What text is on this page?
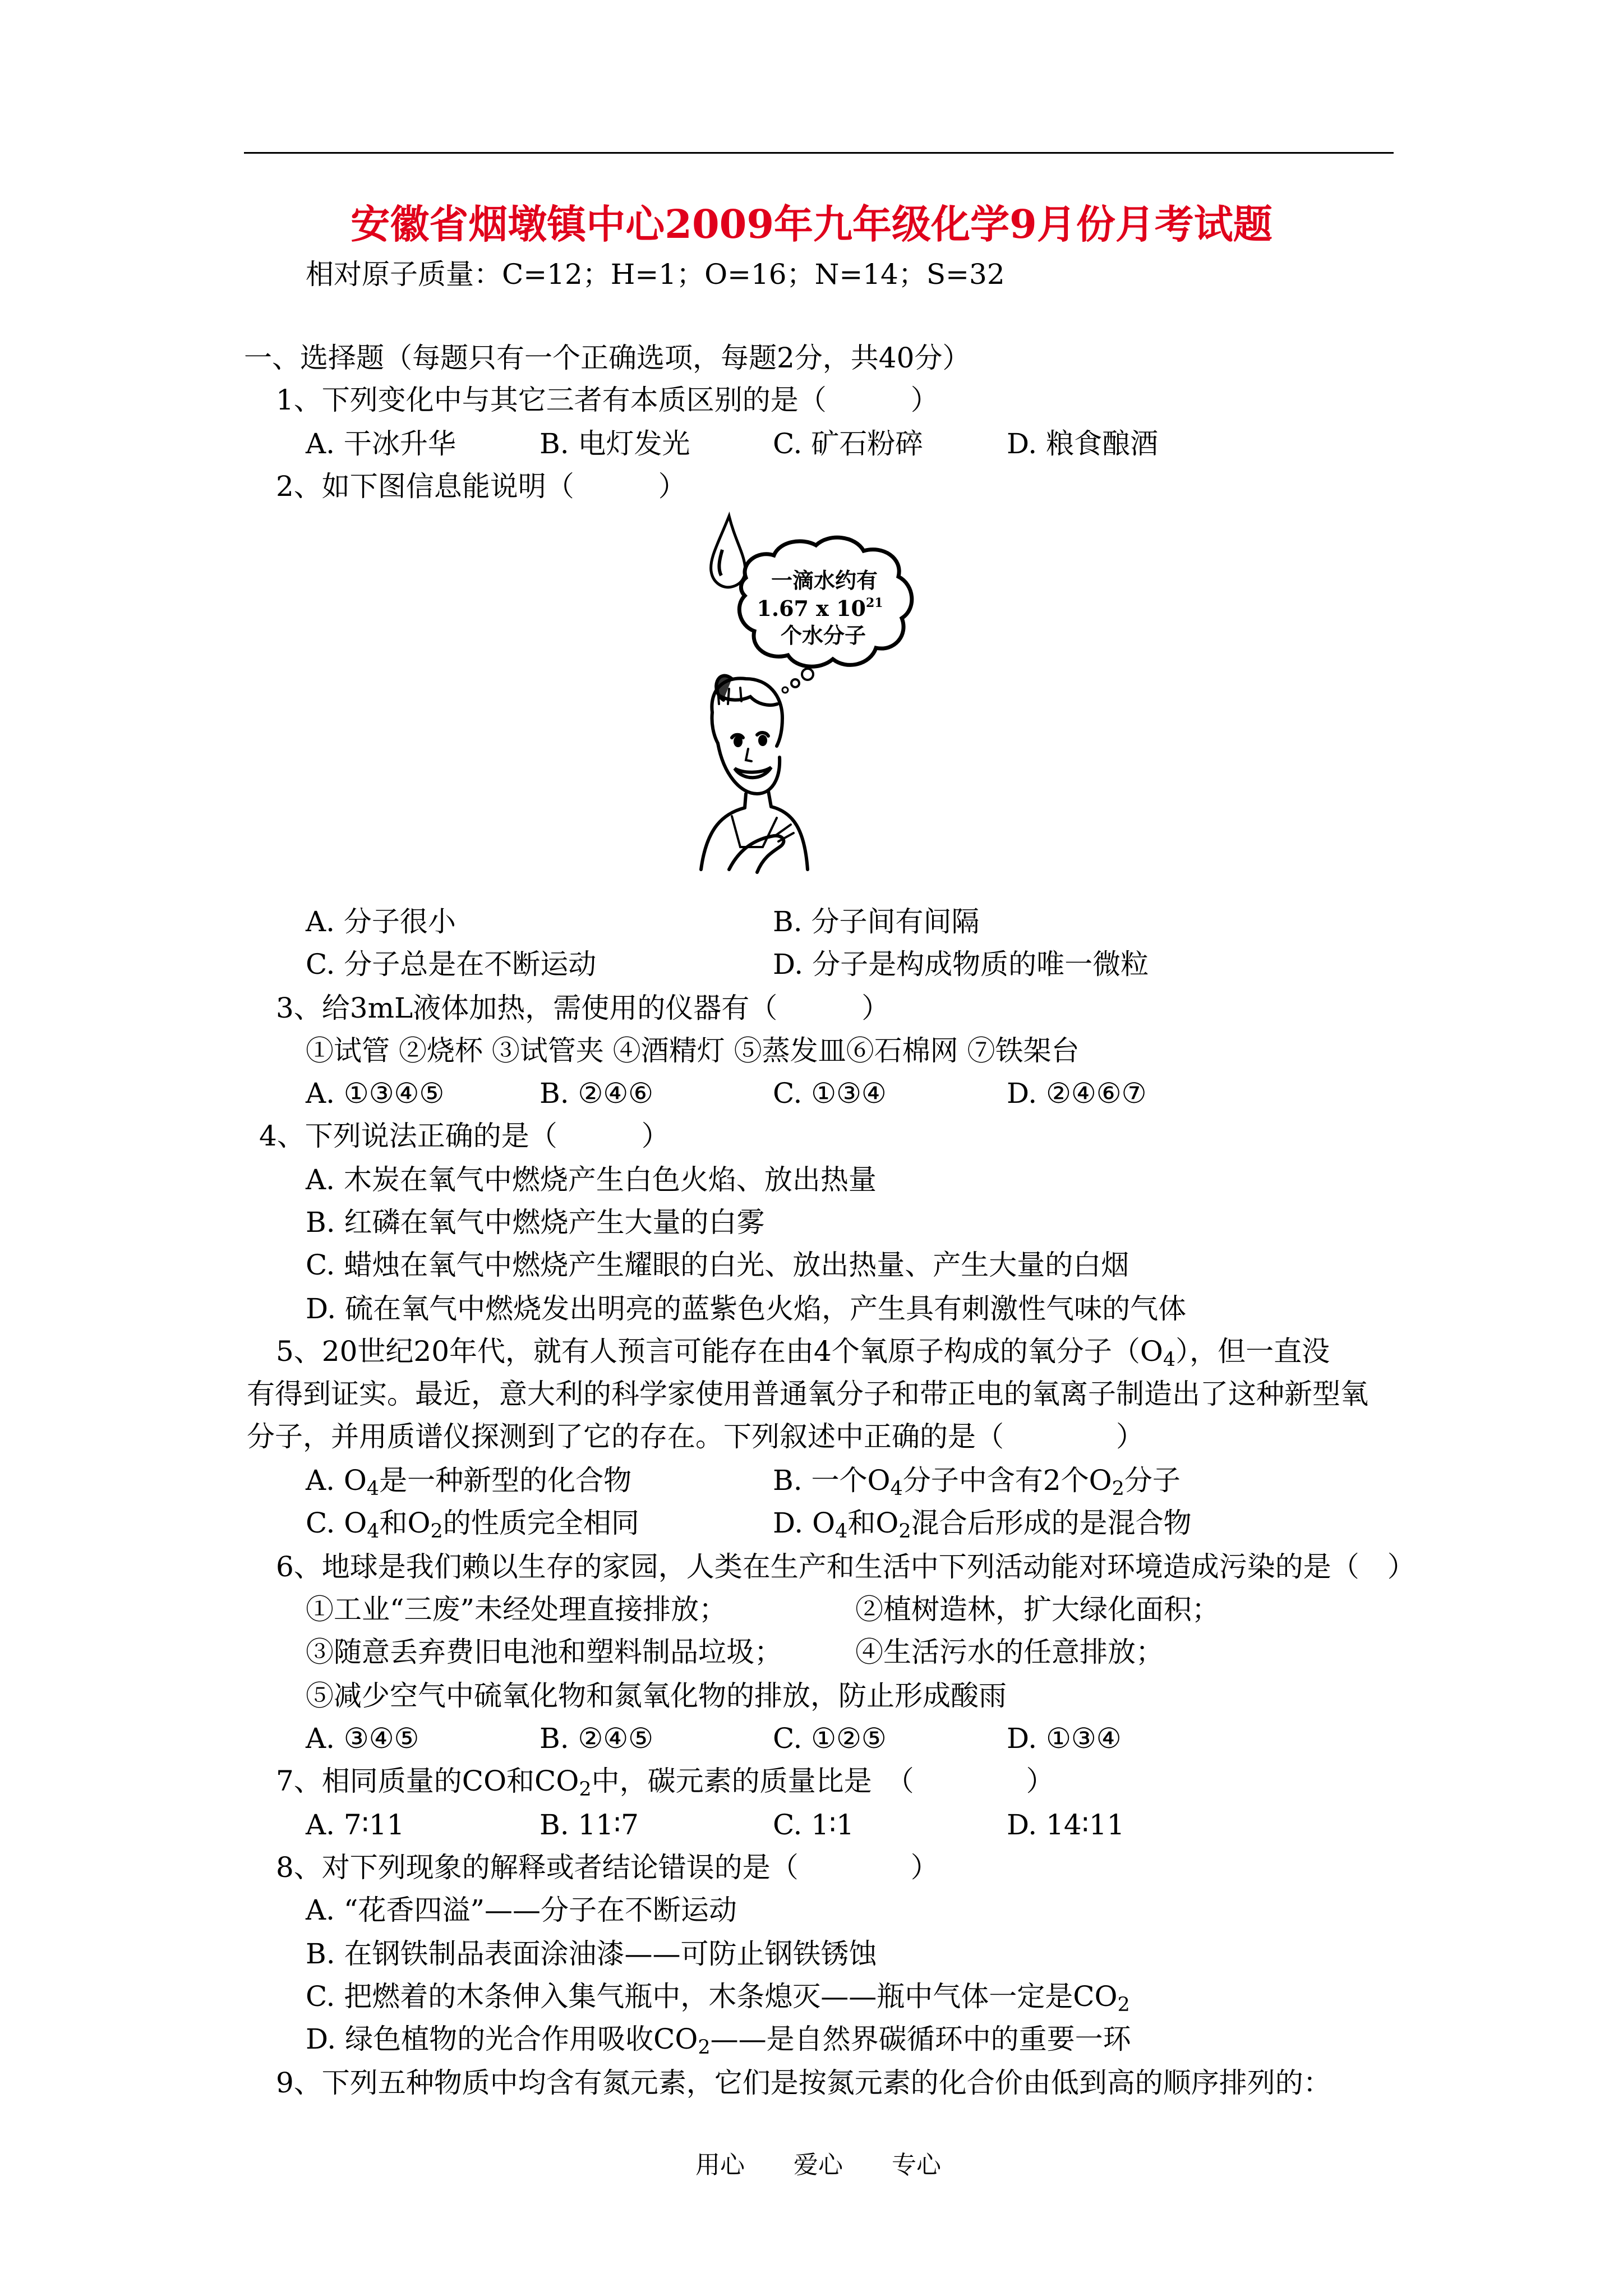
安徽省烟墩镇中心2009年九年级化学9月份月考试题
相对原子质量：C=12；H=1；O=16；N=14；S=32
一、选择题（每题只有一个正确选项，每题2分，共40分）
1、下列变化中与其它三者有本质区别的是（　　　）
A. 干冰升华	B. 电灯发光	C. 矿石粉碎	D. 粮食酿酒
2、如下图信息能说明（　　　）
一滴水约有
1.67 x $10^{21}$
个水分子
A. 分子很小	B. 分子间有间隔
C. 分子总是在不断运动	D. 分子是构成物质的唯一微粒
3、给3mL液体加热，需使用的仪器有（　　　）
①试管 ②烧杯 ③试管夹 ④酒精灯 ⑤蒸发皿⑥石棉网 ⑦铁架台
A. ①③④⑤	B. ②④⑥	C. ①③④	D. ②④⑥⑦
4、下列说法正确的是（　　　）
A. 木炭在氧气中燃烧产生白色火焰、放出热量
B. 红磷在氧气中燃烧产生大量的白雾
C. 蜡烛在氧气中燃烧产生耀眼的白光、放出热量、产生大量的白烟
D. 硫在氧气中燃烧发出明亮的蓝紫色火焰，产生具有刺激性气味的气体
5、20世纪20年代，就有人预言可能存在由4个氧原子构成的氧分子$(O_4)$，但一直没
有得到证实。最近，意大利的科学家使用普通氧分子和带正电的氧离子制造出了这种新型氧
分子，并用质谱仪探测到了它的存在。下列叙述中正确的是（　　　　）
A. $O_4$是一种新型的化合物	B. 一个$O_4$分子中含有2个$O_2$分子
C. $O_4$和$O_2$的性质完全相同	D. $O_4$和$O_2$混合后形成的是混合物
6、地球是我们赖以生存的家园，人类在生产和生活中下列活动能对环境造成污染的是（　）
①工业“三废”未经处理直接排放；	②植树造林，扩大绿化面积；
③随意丢弃费旧电池和塑料制品垃圾；	④生活污水的任意排放；
⑤减少空气中硫氧化物和氮氧化物的排放，防止形成酸雨
A. ③④⑤	B. ②④⑤	C. ①②⑤	D. ①③④
7、相同质量的CO和$CO_2$中，碳元素的质量比是　（　　　　）
A. 7∶11	B. 11∶7	C. 1∶1	D. 14∶11
8、对下列现象的解释或者结论错误的是（　　　　）
A. “花香四溢”——分子在不断运动
B. 在钢铁制品表面涂油漆——可防止钢铁锈蚀
C. 把燃着的木条伸入集气瓶中，木条熄灭——瓶中气体一定是$CO_2$
D. 绿色植物的光合作用吸收$CO_2——$是自然界碳循环中的重要一环
9、下列五种物质中均含有氮元素，它们是按氮元素的化合价由低到高的顺序排列的：
用心 爱心 专心
